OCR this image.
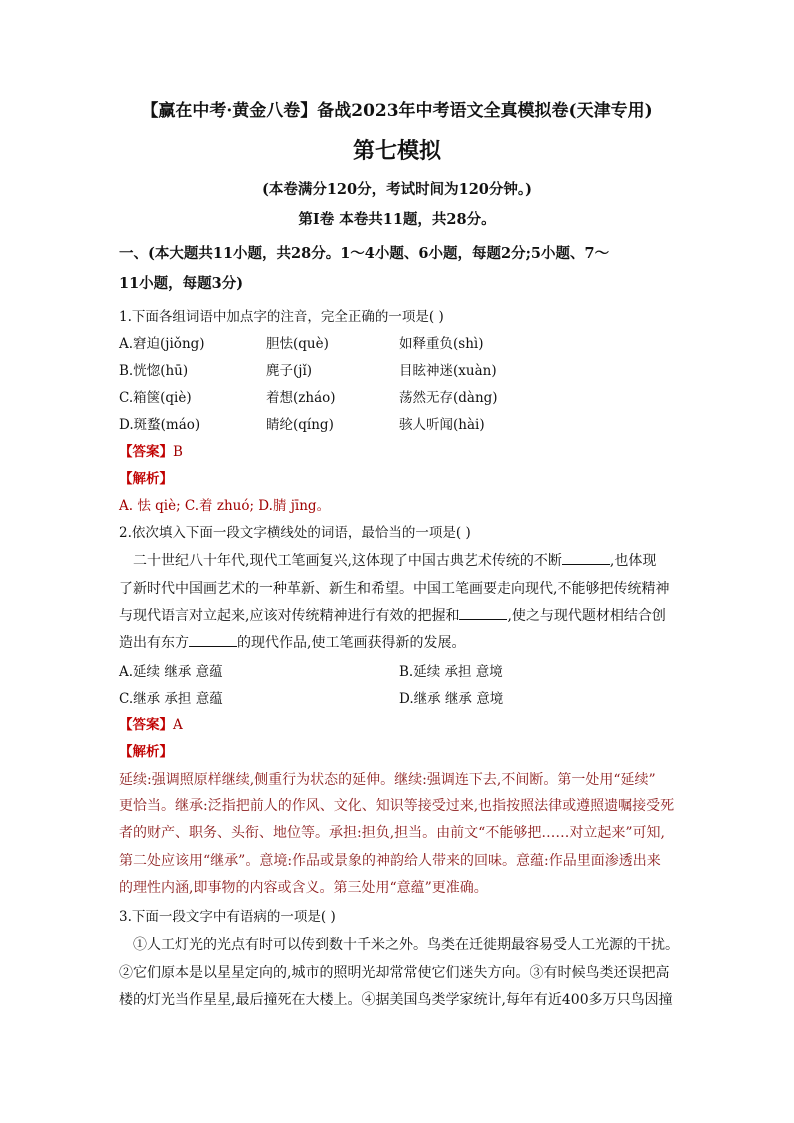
【赢在中考·黄金八卷】备战2023年中考语文全真模拟卷(天津专用)
第七模拟
(本卷满分120分，考试时间为120分钟。)
第Ⅰ卷 本卷共11题，共28分。
一、(本大题共11小题，共28分。1～4小题、6小题，每题2分;5小题、7～
11小题，每题3分)
1.下面各组词语中加点字的注音，完全正确的一项是( )
A.窘迫(jiǒng)	胆怯(què)	如释重负(shì)
B.恍惚(hū)	麂子(jǐ)	目眩神迷(xuàn)
C.箱箧(qiè)	着想(zháo)	荡然无存(dàng)
D.斑蝥(máo)	睛纶(qíng)	骇人听闻(hài)
【答案】B
【解析】
A. 怯 qiè; C.着 zhuó; D.腈 jīng。
2.依次填入下面一段文字横线处的词语，最恰当的一项是( )
二十世纪八十年代,现代工笔画复兴,这体现了中国古典艺术传统的不断	,也体现
了新时代中国画艺术的一种革新、新生和希望。中国工笔画要走向现代,不能够把传统精神
与现代语言对立起来,应该对传统精神进行有效的把握和	,使之与现代题材相结合创
造出有东方	的现代作品,使工笔画获得新的发展。
A.延续 继承 意蕴	B.延续 承担 意境
C.继承 承担 意蕴	D.继承 继承 意境
【答案】A
【解析】
延续:强调照原样继续,侧重行为状态的延伸。继续:强调连下去,不间断。第一处用“延续”
更恰当。继承:泛指把前人的作风、文化、知识等接受过来,也指按照法律或遵照遗嘱接受死
者的财产、职务、头衔、地位等。承担:担负,担当。由前文“不能够把……对立起来”可知,
第二处应该用“继承”。意境:作品或景象的神韵给人带来的回味。意蕴:作品里面渗透出来
的理性内涵,即事物的内容或含义。第三处用“意蕴”更准确。
3.下面一段文字中有语病的一项是( )
①人工灯光的光点有时可以传到数十千米之外。鸟类在迁徙期最容易受人工光源的干扰。
②它们原本是以星星定向的,城市的照明光却常常使它们迷失方向。③有时候鸟类还误把高
楼的灯光当作星星,最后撞死在大楼上。④据美国鸟类学家统计,每年有近400多万只鸟因撞
